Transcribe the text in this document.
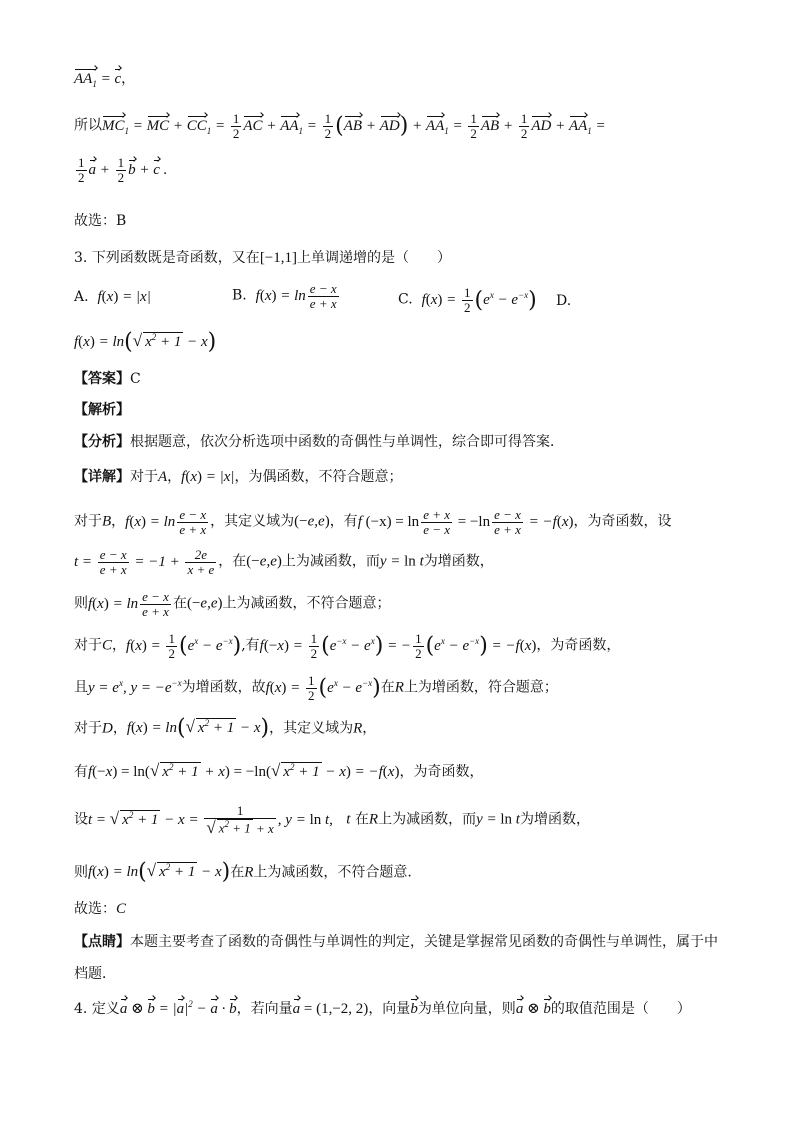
$AA_1 = c$，
所以$MC_1$ = MC + $CC_1 = \frac{1}{2}$ AC + $AA_1 = \frac{1}{2} (AB + AD) + AA_1 = \frac{1}{2}$ AB + $\frac{1}{2}$ AD + $AA_1$ =
$\frac{1}{2}$ $a + \frac{1}{2}$ b + c .
故选：B
3. 下列函数既是奇函数，又在[−1,1]上单调递增的是（　　）
A. f(x) = |x|	B. $f(x) = \ln \frac{e - x}{e + x}$	C. $f(x) = \frac{1}{2} (e^x - e^{-x})$ D.
f(x) = ln(√ $x^2 + 1 - x$)
【答案】C
【解析】
【分析】根据题意，依次分析选项中函数的奇偶性与单调性，综合即可得答案．
【详解】对于A，f(x) = |x|，为偶函数，不符合题意；
对于B，$f(x) = \ln \frac{e - x}{e + x}$ ，其定义域为(−e,e)，有f $(-x) = \ln \frac{e + x}{e - x} = -\ln \frac{e - x}{e + x} = -f(x)$，为奇函数，设
$t = \frac{e - x}{e + x} = -1 + \frac{2e}{x + e}$ ，在(−e,e)上为减函数，而y = ln t为增函数，
则$f(x) = \ln \frac{e - x}{e + x}$ 在(−e,e)上为减函数，不符合题意；
对于C，$f(x) = \frac{1}{2} (e^x - e^{-x})$,有$f(-x) = \frac{1}{2} (e^{-x} - e^x)$ = − $\frac{1}{2} (e^x - e^{-x}) = -f(x)$，为奇函数，
且$y = e^x$, $y = -e^{-x}$为增函数，故$f(x) = \frac{1}{2} (e^x - e^{-x})$在R上为增函数，符合题意；
对于D，f(x) = ln(√ $x^2 + 1 - x$)，其定义域为R，
有f(−x) = ln(√ $x^2 + 1 + x) = -\ln(√$ $x^2 + 1 - x) = -f(x)$，为奇函数，
设t = √ $x^2 + 1 - x = \frac{1}{√ x^2 + 1 + x}$ , y = ln t, t 在R上为减函数，而y = ln t为增函数，
则f(x) = ln(√ $x^2 + 1 - x$)在R上为减函数，不符合题意.
故选：C
【点睛】本题主要考查了函数的奇偶性与单调性的判定，关键是掌握常见函数的奇偶性与单调性，属于中
档题．
4. 定义a ⊗ $b = |a|^2 - a \cdot b$，若向量a = (1,−2, 2)，向量b为单位向量，则a ⊗ b的取值范围是（　　）
